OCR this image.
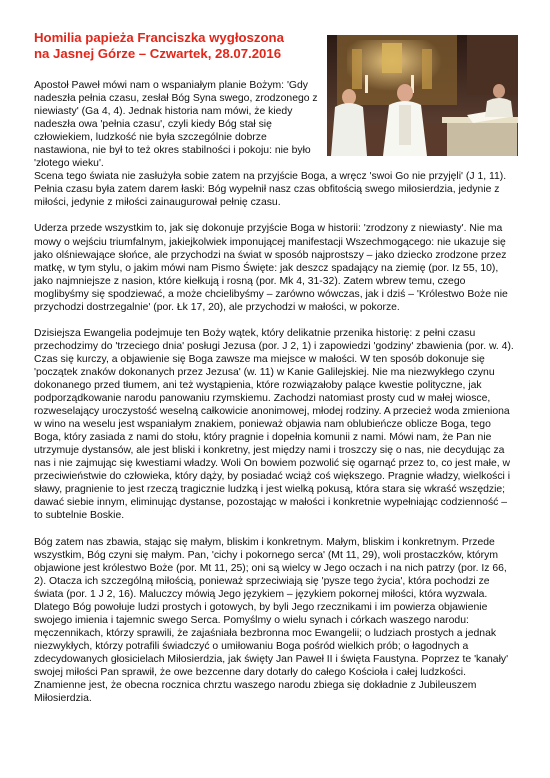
Homilia papieża Franciszka wygłoszona
na Jasnej Górze – Czwartek, 28.07.2016

Apostoł Paweł mówi nam o wspaniałym planie Bożym: 'Gdy nadeszła pełnia czasu, zesłał Bóg Syna swego, zrodzonego z niewiasty' (Ga 4, 4). Jednak historia nam mówi, że kiedy nadeszła owa 'pełnia czasu', czyli kiedy Bóg stał się człowiekiem, ludzkość nie była szczególnie dobrze nastawiona, nie był to też okres stabilności i pokoju: nie było 'złotego wieku'.

Scena tego świata nie zasłużyła sobie zatem na przyjście Boga, a wręcz 'swoi Go nie przyjęli' (J 1, 11). Pełnia czasu była zatem darem łaski: Bóg wypełnił nasz czas obfitością swego miłosierdzia, jedynie z miłości, jedynie z miłości zainaugurował pełnię czasu.

Uderza przede wszystkim to, jak się dokonuje przyjście Boga w historii: 'zrodzony z niewiasty'. Nie ma mowy o wejściu triumfalnym, jakiejkolwiek imponującej manifestacji Wszechmogącego: nie ukazuje się jako olśniewające słońce, ale przychodzi na świat w sposób najprostszy – jako dziecko zrodzone przez matkę, w tym stylu, o jakim mówi nam Pismo Święte: jak deszcz spadający na ziemię (por. Iz 55, 10), jako najmniejsze z nasion, które kiełkują i rosną (por. Mk 4, 31-32). Zatem wbrew temu, czego moglibyśmy się spodziewać, a może chcielibyśmy – zarówno wówczas, jak i dziś – 'Królestwo Boże nie przychodzi dostrzegalnie' (por. Łk 17, 20), ale przychodzi w małości, w pokorze.

Dzisiejsza Ewangelia podejmuje ten Boży wątek, który delikatnie przenika historię: z pełni czasu przechodzimy do 'trzeciego dnia' posługi Jezusa (por. J 2, 1) i zapowiedzi 'godziny' zbawienia (por. w. 4). Czas się kurczy, a objawienie się Boga zawsze ma miejsce w małości. W ten sposób dokonuje się 'początek znaków dokonanych przez Jezusa' (w. 11) w Kanie Galilejskiej. Nie ma niezwykłego czynu dokonanego przed tłumem, ani też wystąpienia, które rozwiązałoby palące kwestie polityczne, jak podporządkowanie narodu panowaniu rzymskiemu. Zachodzi natomiast prosty cud w małej wiosce, rozweselający uroczystość weselną całkowicie anonimowej, młodej rodziny. A przecież woda zmieniona w wino na weselu jest wspaniałym znakiem, ponieważ objawia nam oblubieńcze oblicze Boga, tego Boga, który zasiada z nami do stołu, który pragnie i dopełnia komunii z nami. Mówi nam, że Pan nie utrzymuje dystansów, ale jest bliski i konkretny, jest między nami i troszczy się o nas, nie decydując za nas i nie zajmując się kwestiami władzy. Woli On bowiem pozwolić się ogarnąć przez to, co jest małe, w przeciwieństwie do człowieka, który dąży, by posiadać wciąż coś większego. Pragnie władzy, wielkości i sławy, pragnienie to jest rzeczą tragicznie ludzką i jest wielką pokusą, która stara się wkraść wszędzie; dawać siebie innym, eliminując dystanse, pozostając w małości i konkretnie wypełniając codzienność – to subtelnie Boskie.

Bóg zatem nas zbawia, stając się małym, bliskim i konkretnym. Małym, bliskim i konkretnym. Przede wszystkim, Bóg czyni się małym. Pan, 'cichy i pokornego serca' (Mt 11, 29), woli prostaczków, którym objawione jest królestwo Boże (por. Mt 11, 25); oni są wielcy w Jego oczach i na nich patrzy (por. Iz 66, 2). Otacza ich szczególną miłością, ponieważ sprzeciwiają się 'pysze tego życia', która pochodzi ze świata (por. 1 J 2, 16). Maluczcy mówią Jego językiem – językiem pokornej miłości, która wyzwala. Dlatego Bóg powołuje ludzi prostych i gotowych, by byli Jego rzecznikami i im powierza objawienie swojego imienia i tajemnic swego Serca. Pomyślmy o wielu synach i córkach waszego narodu: męczennikach, którzy sprawili, że zajaśniała bezbronna moc Ewangelii; o ludziach prostych a jednak niezwykłych, którzy potrafili świadczyć o umiłowaniu Boga pośród wielkich prób; o łagodnych a zdecydowanych głosicielach Miłosierdzia, jak święty Jan Paweł II i święta Faustyna. Poprzez te 'kanały' swojej miłości Pan sprawił, że owe bezcenne dary dotarły do całego Kościoła i całej ludzkości. Znamienne jest, że obecna rocznica chrztu waszego narodu zbiega się dokładnie z Jubileuszem Miłosierdzia.
